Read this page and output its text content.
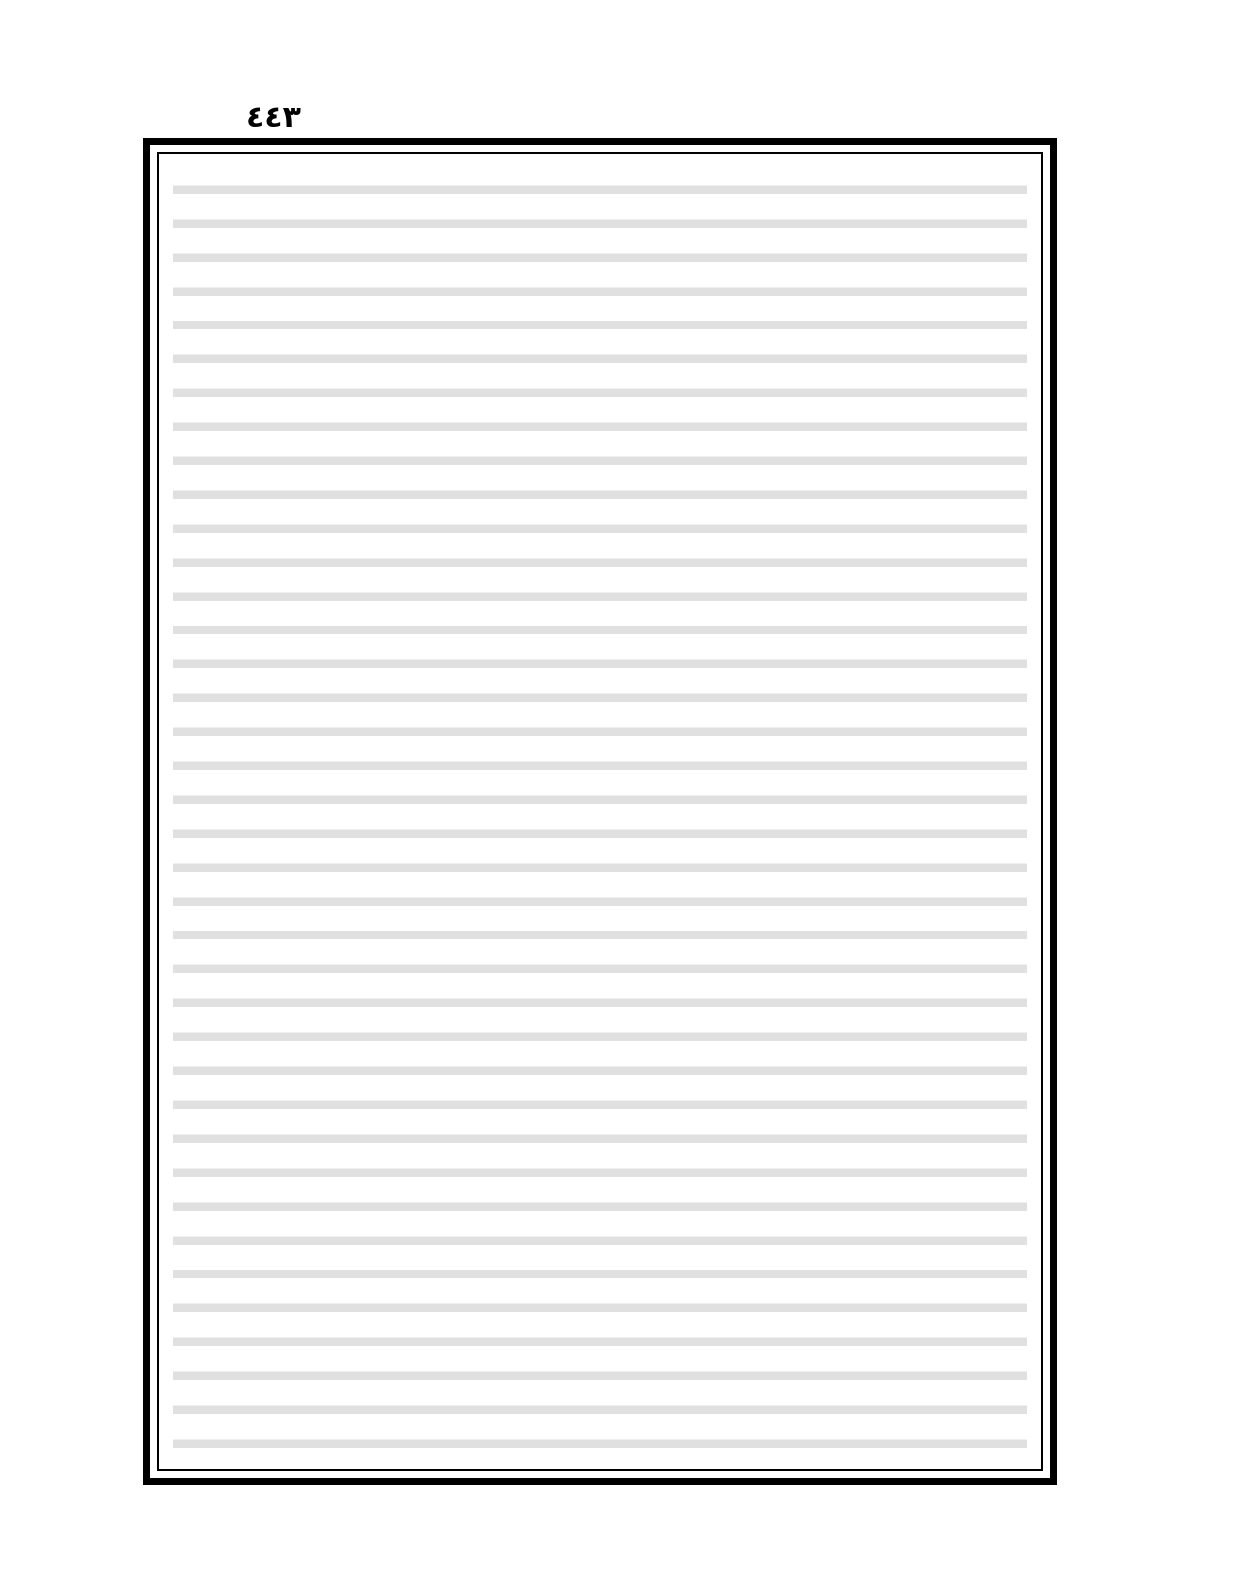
٤٤٣
